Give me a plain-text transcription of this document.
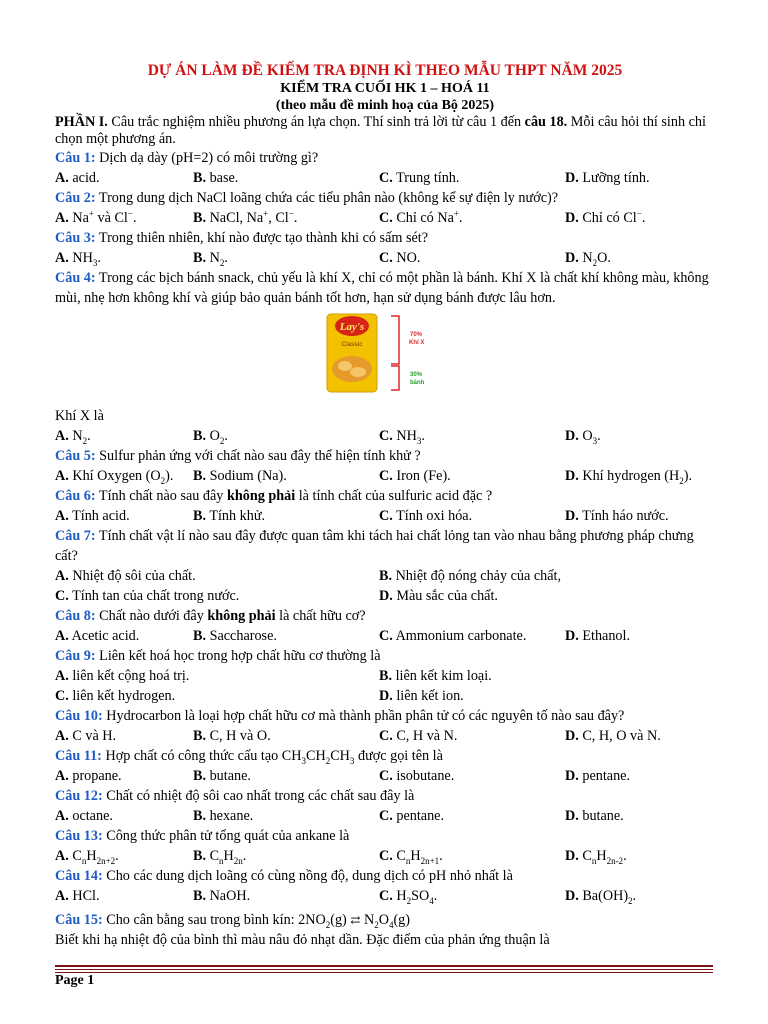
DỰ ÁN LÀM ĐỀ KIẾM TRA ĐỊNH KÌ THEO MẪU THPT NĂM 2025

KIỂM TRA CUỐI HK 1 – HOÁ 11

(theo mẫu đề minh hoạ của Bộ 2025)

PHẦN I. Câu trắc nghiệm nhiều phương án lựa chọn. Thí sinh trả lời từ câu 1 đến câu 18. Mỗi câu hỏi thí sinh chỉ chọn một phương án.

Câu 1: Dịch dạ dày (pH=2) có môi trường gì?

A. acid.	B. base.	C. Trung tính.	D. Lưỡng tính.

Câu 2: Trong dung dịch NaCl loãng chứa các tiểu phân nào (không kể sự điện ly nước)?

A. Na+ và Cl−.	B. NaCl, Na+, Cl−.	C. Chỉ có Na+.	D. Chỉ có Cl−.

Câu 3: Trong thiên nhiên, khí nào được tạo thành khi có sấm sét?

A. $NH_3$.	B. $N_2$.	C. NO.	D. $N_2O$.

Câu 4: Trong các bịch bánh snack, chủ yếu là khí X, chỉ có một phần là bánh. Khí X là chất khí không màu, không mùi, nhẹ hơn không khí và giúp bảo quản bánh tốt hơn, hạn sử dụng bánh được lâu hơn.

Lay's
Classic
70%
Khí X
30%
bánh

Khí X là

A. $N_2$.	B. $O_2$.	C. $NH_3$.	D. $O_3$.

Câu 5: Sulfur phản ứng với chất nào sau đây thể hiện tính khử ?

A. Khí Oxygen $(O_2)$.	B. Sodium (Na).	C. Iron (Fe).	D. Khí hydrogen $(H_2)$.

Câu 6: Tính chất nào sau đây không phải là tính chất của sulfuric acid đặc ?

A. Tính acid.	B. Tính khử.	C. Tính oxi hóa.	D. Tính háo nước.

Câu 7: Tính chất vật lí nào sau đây được quan tâm khi tách hai chất lỏng tan vào nhau bằng phương pháp chưng cất?

A. Nhiệt độ sôi của chất.	B. Nhiệt độ nóng chảy của chất,
C. Tính tan của chất trong nước.	D. Màu sắc của chất.

Câu 8: Chất nào dưới đây không phải là chất hữu cơ?

A. Acetic acid.	B. Saccharose.	C. Ammonium carbonate.	D. Ethanol.

Câu 9: Liên kết hoá học trong hợp chất hữu cơ thường là

A. liên kết cộng hoá trị.	B. liên kết kim loại.
C. liên kết hydrogen.	D. liên kết ion.

Câu 10: Hydrocarbon là loại hợp chất hữu cơ mà thành phần phân tử có các nguyên tố nào sau đây?

A. C và H.	B. C, H và O.	C. C, H và N.	D. C, H, O và N.

Câu 11: Hợp chất có công thức cấu tạo $CH_3CH_2CH_3$ được gọi tên là

A. propane.	B. butane.	C. isobutane.	D. pentane.

Câu 12: Chất có nhiệt độ sôi cao nhất trong các chất sau đây là

A. octane.	B. hexane.	C. pentane.	D. butane.

Câu 13: Công thức phân tử tổng quát của ankane là

A. $C_nH_{2n+2}$.	B. $C_nH_{2n}$.	C. $C_nH_{2n+1}$.	D. $C_nH_{2n-2}$.

Câu 14: Cho các dung dịch loãng có cùng nồng độ, dung dịch có pH nhỏ nhất là

A. HCl.	B. NaOH.	C. $H_2SO_4$.	D. $Ba(OH)_2$.

Câu 15: Cho cân bằng sau trong bình kín: $2NO_2(g)$ ⇄ $N_2O_4(g)$

Biết khi hạ nhiệt độ của bình thì màu nâu đỏ nhạt dần. Đặc điểm của phản ứng thuận là

Page 1
